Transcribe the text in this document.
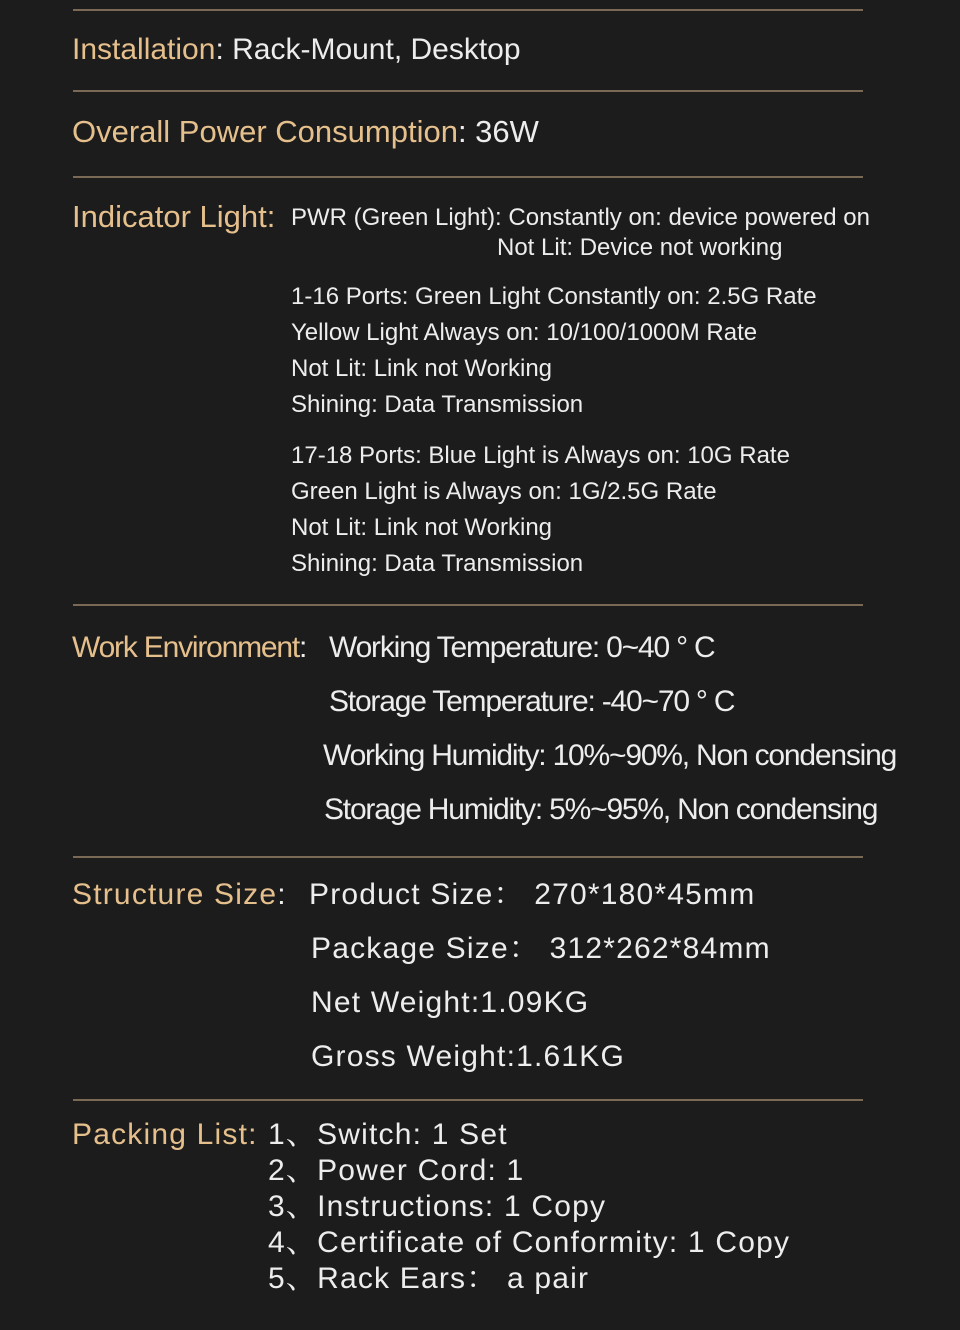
Installation: Rack-Mount, Desktop
Overall Power Consumption: 36W
Indicator Light: PWR (Green Light): Constantly on: device powered on
Not Lit: Device not working
1-16 Ports: Green Light Constantly on: 2.5G Rate
Yellow Light Always on: 10/100/1000M Rate
Not Lit: Link not Working
Shining: Data Transmission
17-18 Ports: Blue Light is Always on: 10G Rate
Green Light is Always on: 1G/2.5G Rate
Not Lit: Link not Working
Shining: Data Transmission
Work Environment: Working Temperature: 0~40 ° C
Storage Temperature: -40~70 ° C
Working Humidity: 10%~90%, Non condensing
Storage Humidity: 5%~95%, Non condensing
Structure Size: Product Size： 270*180*45mm
Package Size： 312*262*84mm
Net Weight:1.09KG
Gross Weight:1.61KG
Packing List: 1、Switch: 1 Set
2、Power Cord: 1
3、Instructions: 1 Copy
4、Certificate of Conformity: 1 Copy
5、Rack Ears： a pair
